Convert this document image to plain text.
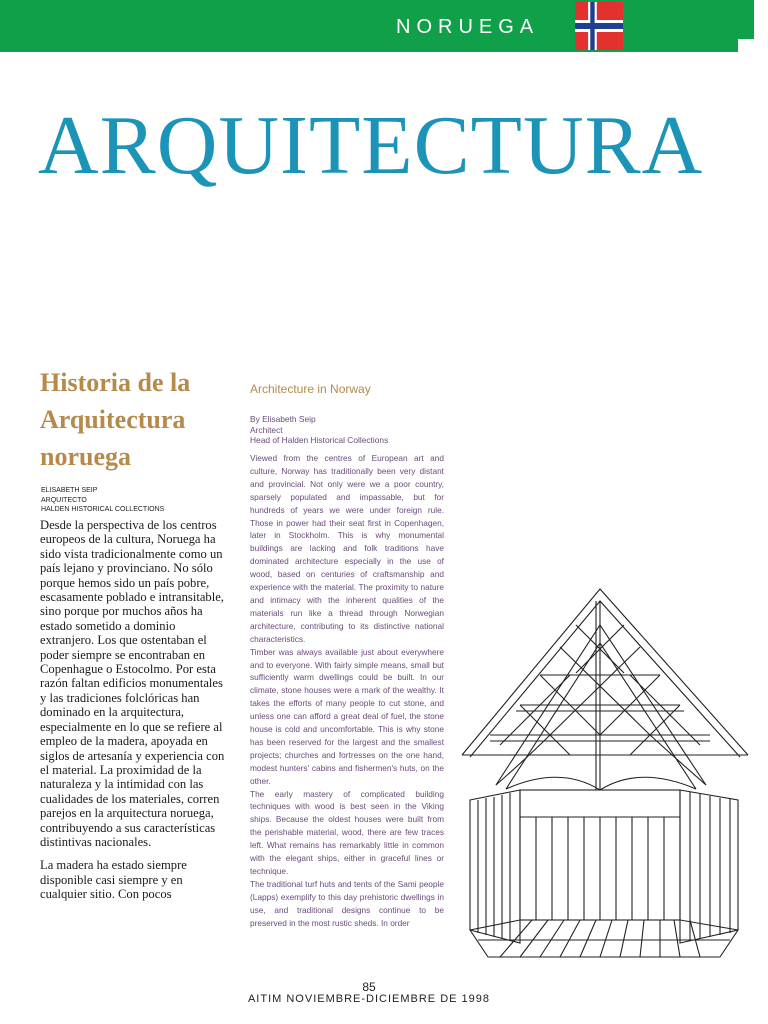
NORUEGA
ARQUITECTURA
Historia de la Arquitectura noruega
ELISABETH SEIP
ARQUITECTO
HALDEN HISTORICAL COLLECTIONS

Desde la perspectiva de los centros europeos de la cultura, Noruega ha sido vista tradicionalmente como un país lejano y provinciano. No sólo porque hemos sido un país pobre, escasamente poblado e intransitable, sino porque por muchos años ha estado sometido a dominio extranjero. Los que ostentaban el poder siempre se encontraban en Copenhague o Estocolmo. Por esta razón faltan edificios monumentales y las tradiciones folclóricas han dominado en la arquitectura, especialmente en lo que se refiere al empleo de la madera, apoyada en siglos de artesanía y experiencia con el material. La proximidad de la naturaleza y la intimidad con las cualidades de los materiales, corren parejos en la arquitectura noruega, contribuyendo a sus características distintivas nacionales.

La madera ha estado siempre disponible casi siempre y en cualquier sitio. Con pocos

Architecture in Norway
By Elisabeth Seip
Architect
Head of Halden Historical Collections

Viewed from the centres of European art and culture, Norway has traditionally been very distant and provincial. Not only were we a poor country, sparsely populated and impassable, but for hundreds of years we were under foreign rule. Those in power had their seat first in Copenhagen, later in Stockholm. This is why monumental buildings are lacking and folk traditions have dominated architecture especially in the use of wood, based on centuries of craftsmanship and experience with the material. The proximity to nature and intimacy with the inherent qualities of the materials run like a thread through Norwegian architecture, contributing to its distinctive national characteristics.

Timber was always available just about everywhere and to everyone. With fairly simple means, small but sufficiently warm dwellings could be built. In our climate, stone houses were a mark of the wealthy. It takes the efforts of many people to cut stone, and unless one can afford a great deal of fuel, the stone house is cold and uncomfortable. This is why stone has been reserved for the largest and the smallest projects; churches and fortresses on the one hand, modest hunters' cabins and fishermen's huts, on the other.

The early mastery of complicated building techniques with wood is best seen in the Viking ships. Because the oldest houses were built from the perishable material, wood, there are few traces left. What remains has remarkably little in common with the elegant ships, either in graceful lines or technique.

The traditional turf huts and tents of the Sami people (Lapps) exemplify to this day prehistoric dwellings in use, and traditional designs continue to be preserved in the most rustic sheds. In order

85
AITIM NOVIEMBRE-DICIEMBRE DE 1998
